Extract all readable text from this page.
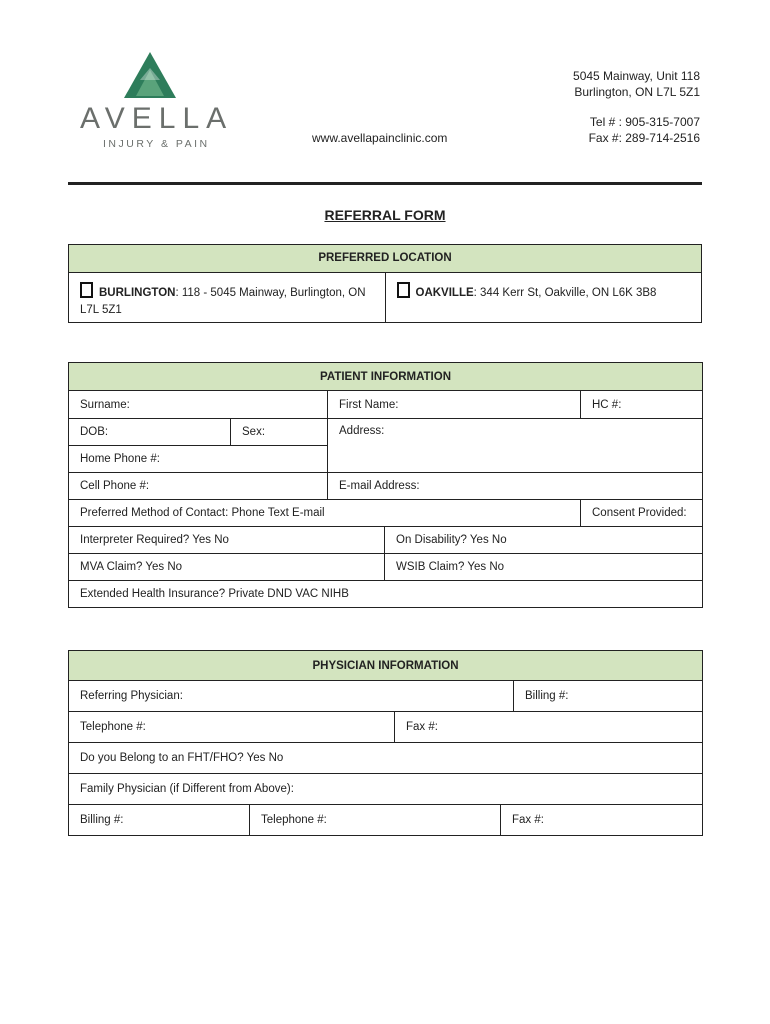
AVELLA
INJURY & PAIN
5045 Mainway, Unit 118
Burlington, ON L7L 5Z1
Tel # : 905-315-7007
Fax #: 289-714-2516
www.avellapainclinic.com
REFERRAL FORM
PREFERRED LOCATION
BURLINGTON: 118 - 5045 Mainway, Burlington, ON L7L 5Z1	OAKVILLE: 344 Kerr St, Oakville, ON L6K 3B8
PATIENT INFORMATION				
Surname:		First Name:		HC #:
DOB:	Sex:	Address:		
Home Phone #:				
Cell Phone #:		E-mail Address:		
Preferred Method of Contact: Phone Text E-mail				Consent Provided:
Interpreter Required? Yes No			On Disability? Yes No	
MVA Claim? Yes No			WSIB Claim? Yes No	
Extended Health Insurance? Private DND VAC NIHB				
PHYSICIAN INFORMATION				
Referring Physician:				Billing #:
Telephone #:		Fax #:		
Do you Belong to an FHT/FHO? Yes No				
Family Physician (if Different from Above):				
Billing #:	Telephone #:		Fax #:	
